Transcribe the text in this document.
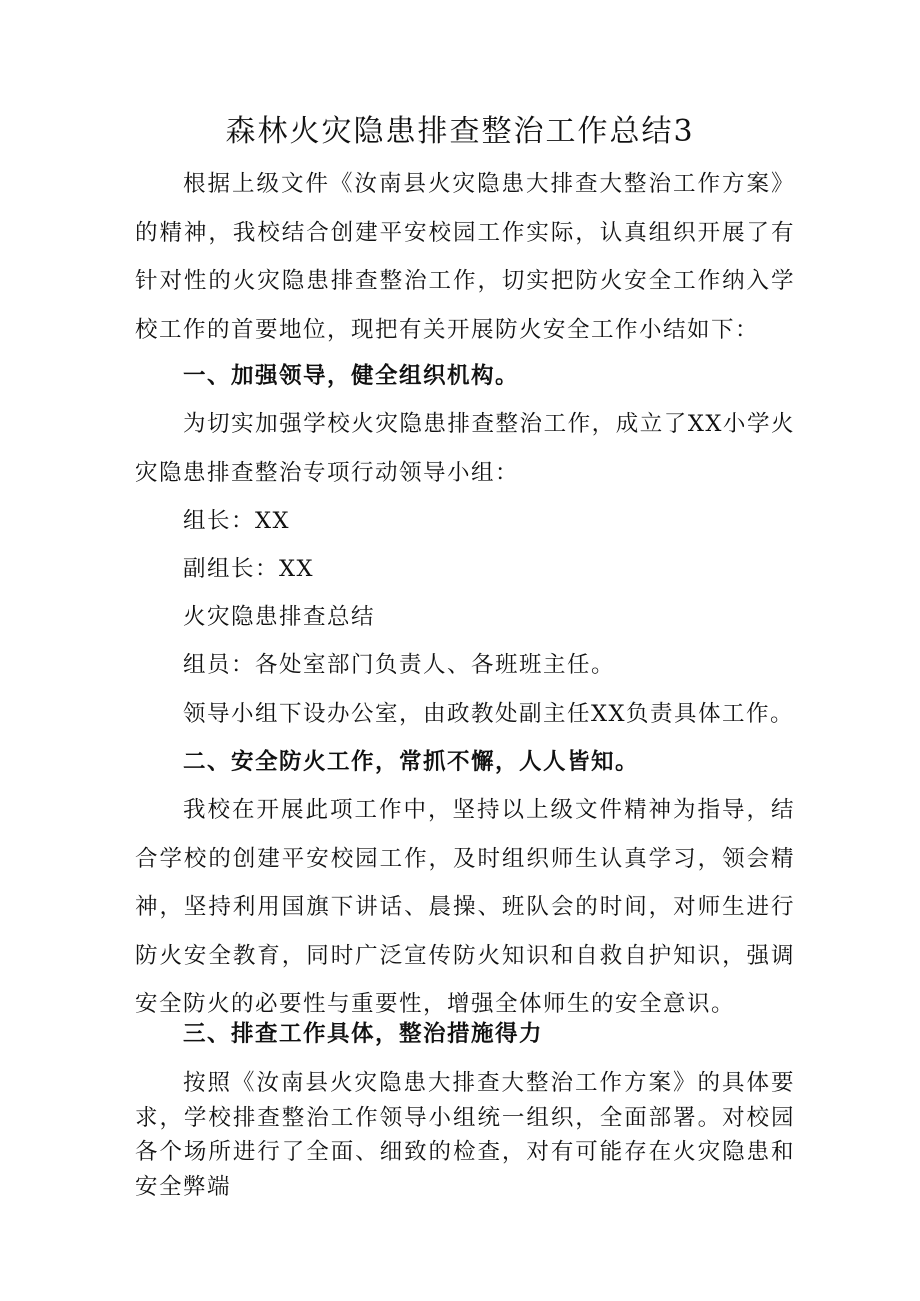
森林火灾隐患排查整治工作总结3

根据上级文件《汝南县火灾隐患大排查大整治工作方案》的精神，我校结合创建平安校园工作实际，认真组织开展了有针对性的火灾隐患排查整治工作，切实把防火安全工作纳入学校工作的首要地位，现把有关开展防火安全工作小结如下：

一、加强领导，健全组织机构。

为切实加强学校火灾隐患排查整治工作，成立了XX小学火灾隐患排查整治专项行动领导小组：

组长：XX

副组长：XX

火灾隐患排查总结

组员：各处室部门负责人、各班班主任。

领导小组下设办公室，由政教处副主任XX负责具体工作。

二、安全防火工作，常抓不懈，人人皆知。

我校在开展此项工作中，坚持以上级文件精神为指导，结合学校的创建平安校园工作，及时组织师生认真学习，领会精神，坚持利用国旗下讲话、晨操、班队会的时间，对师生进行防火安全教育，同时广泛宣传防火知识和自救自护知识，强调安全防火的必要性与重要性，增强全体师生的安全意识。

三、排查工作具体，整治措施得力

按照《汝南县火灾隐患大排查大整治工作方案》的具体要求，学校排查整治工作领导小组统一组织，全面部署。对校园各个场所进行了全面、细致的检查，对有可能存在火灾隐患和安全弊端
